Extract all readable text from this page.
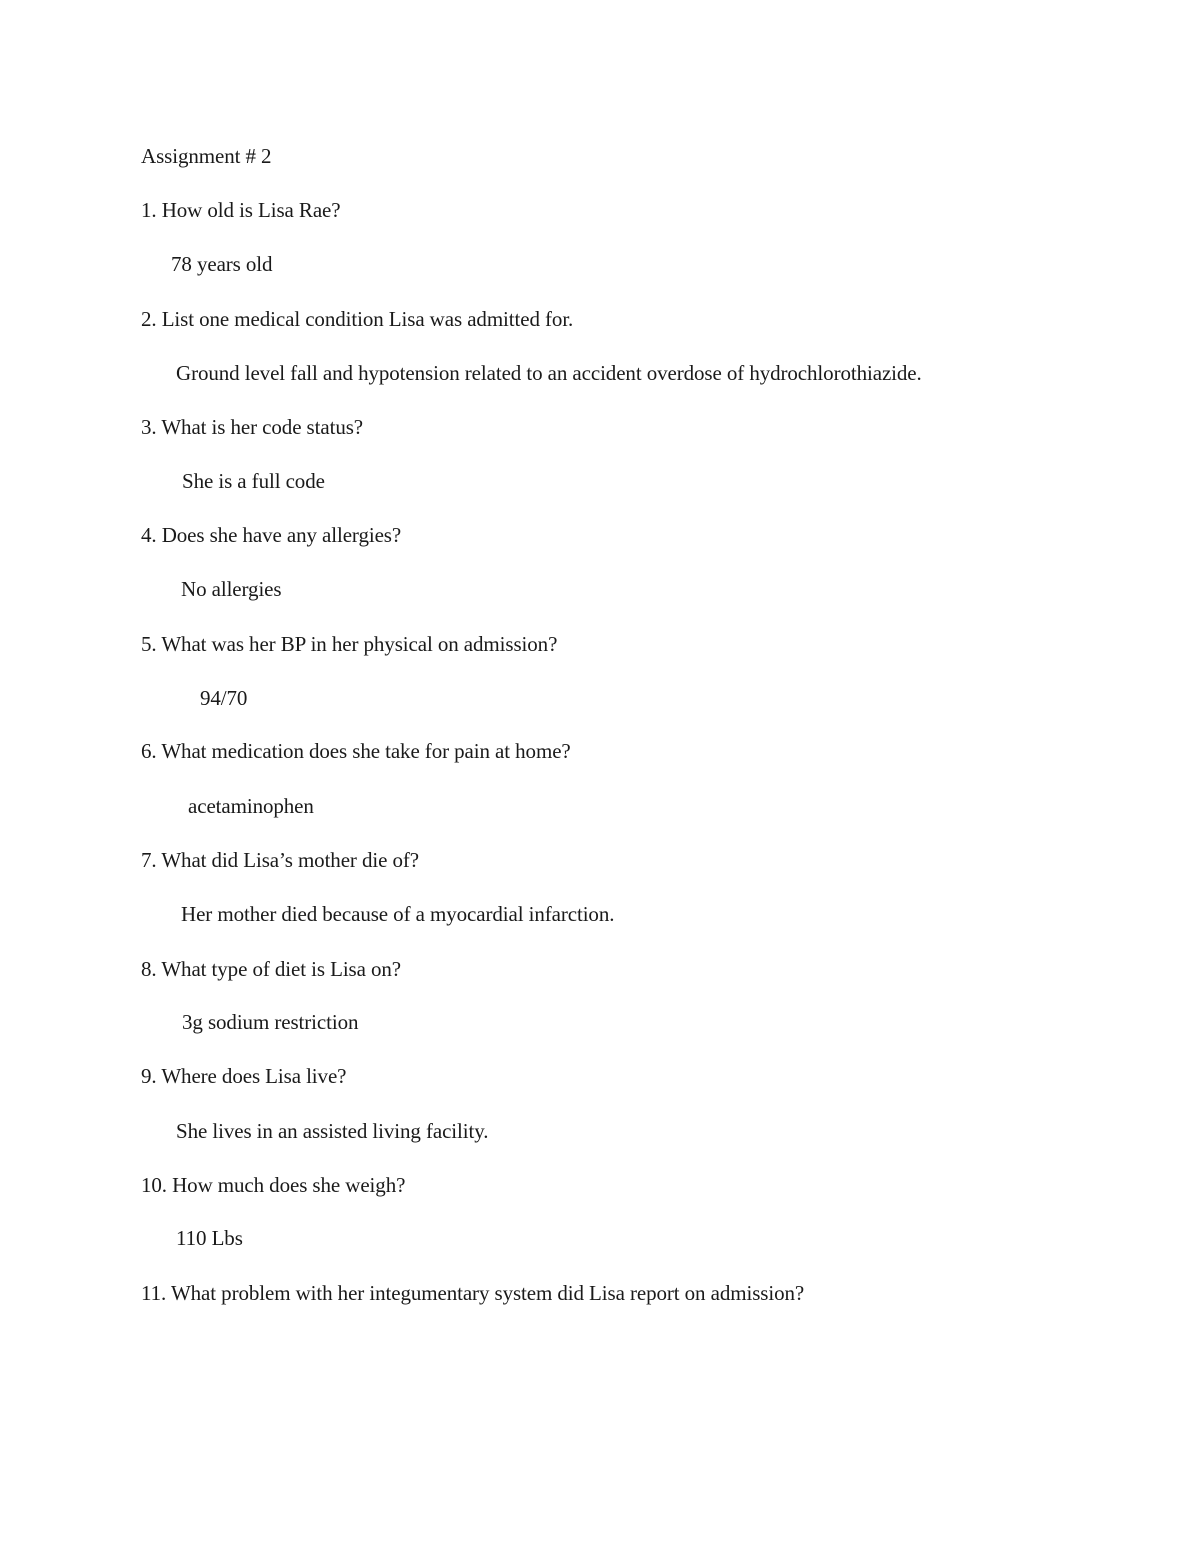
Assignment # 2
1. How old is Lisa Rae?
78 years old
2. List one medical condition Lisa was admitted for.
Ground level fall and hypotension related to an accident overdose of hydrochlorothiazide.
3. What is her code status?
She is a full code
4. Does she have any allergies?
No allergies
5. What was her BP in her physical on admission?
94/70
6. What medication does she take for pain at home?
acetaminophen
7. What did Lisa’s mother die of?
Her mother died because of a myocardial infarction.
8. What type of diet is Lisa on?
3g sodium restriction
9. Where does Lisa live?
She lives in an assisted living facility.
10. How much does she weigh?
110 Lbs
11. What problem with her integumentary system did Lisa report on admission?
